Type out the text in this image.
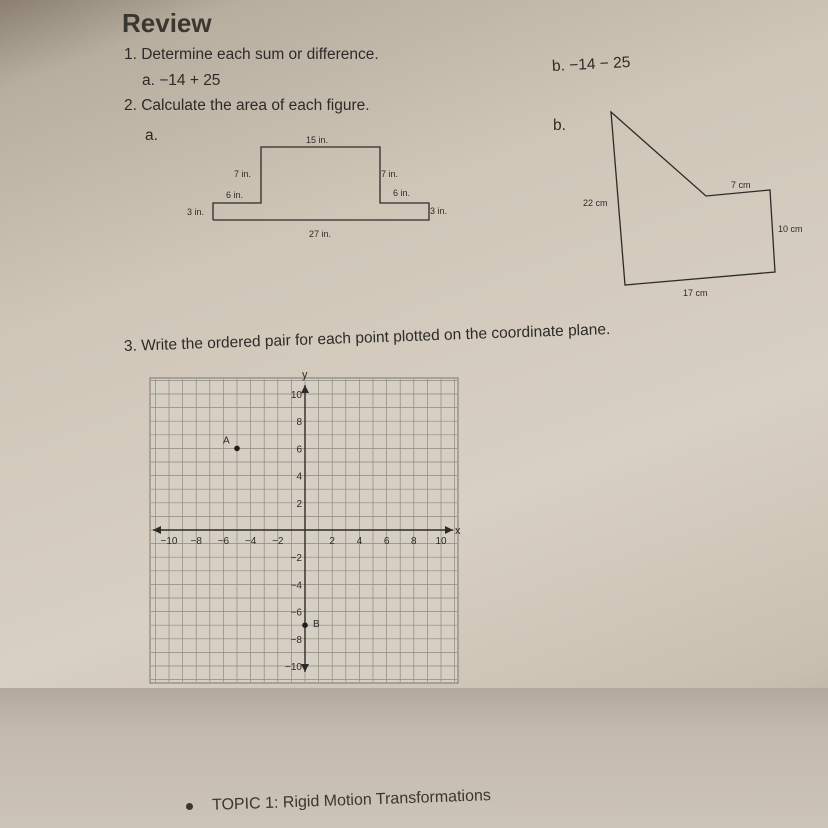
Review
1. Determine each sum or difference.
a. −14 + 25
b. −14 − 25
2. Calculate the area of each figure.
a.
b.
15 in.
7 in.	7 in.
6 in.	6 in.
3 in.	3 in.
27 in.
22 cm
7 cm
10 cm
17 cm
3. Write the ordered pair for each point plotted on the coordinate plane.
x
y
−10 −8 −6 −4 −2	2 4 6 8 10
10
8
6
4
2
−2
−4
−6
−8
−10
A
B
TOPIC 1: Rigid Motion Transformations
